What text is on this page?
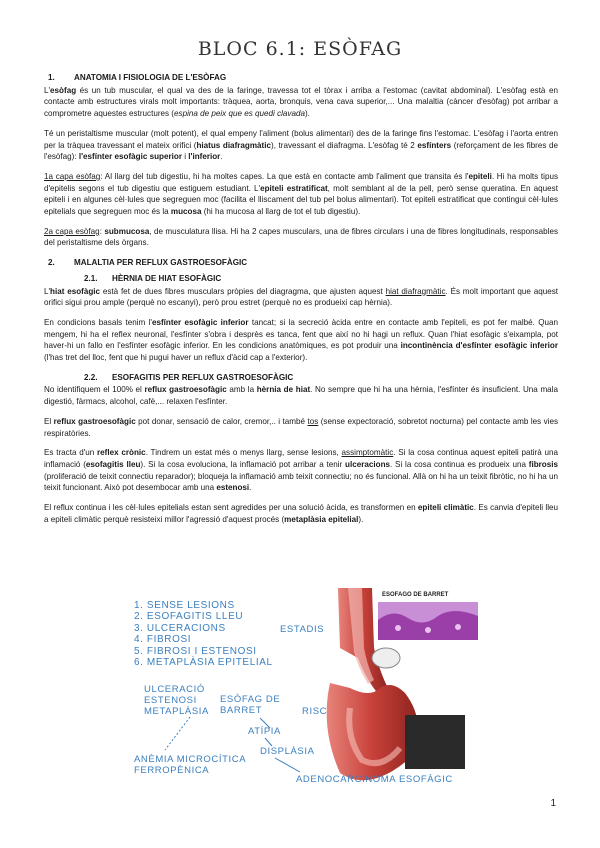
BLOC 6.1: ESÒFAG
1. ANATOMIA I FISIOLOGIA DE L'ESÒFAG

L'esòfag és un tub muscular, el qual va des de la faringe, travessa tot el tòrax i arriba a l'estomac (cavitat abdominal). L'esòfag està en contacte amb estructures virals molt importants: tràquea, aorta, bronquis, vena cava superior,... Una malaltia (càncer d'esòfag) pot arribar a comprometre aquestes estructures (espina de peix que es quedi clavada).

Té un peristaltisme muscular (molt potent), el qual empeny l'aliment (bolus alimentari) des de la faringe fins l'estomac. L'esòfag i l'aorta entren per la tràquea travessant el mateix orifici (hiatus diafragmàtic), travessant el diafragma. L'esòfag té 2 esfínters (reforçament de les fibres de l'esòfag): l'esfínter esofàgic superior i l'inferior.

1a capa esòfag: Al llarg del tub digestiu, hi ha moltes capes. La que està en contacte amb l'aliment que transita és l'epiteli. Hi ha molts tipus d'epitelis segons el tub digestiu que estiguem estudiant. L'epiteli estratificat, molt semblant al de la pell, però sense queratina. En aquest epiteli i en algunes cèl·lules que segreguen moc (facilita el lliscament del tub pel bolus alimentari). Tot epiteli estratificat que contingui cèl·lules epitelials que segreguen moc és la mucosa (hi ha mucosa al llarg de tot el tub digestiu).

2a capa esòfag: submucosa, de musculatura llisa. Hi ha 2 capes musculars, una de fibres circulars i una de fibres longitudinals, responsables del peristaltisme dels òrgans.

2. MALALTIA PER REFLUX GASTROESOFÀGIC
2.1. HÈRNIA DE HIAT ESOFÀGIC

L'hiat esofàgic està fet de dues fibres musculars pròpies del diagragma, que ajusten aquest hiat diafragmàtic. És molt important que aquest orifici sigui prou ample (perquè no escanyi), però prou estret (perquè no es produeixi cap hèrnia).

En condicions basals tenim l'esfínter esofàgic inferior tancat; si la secreció àcida entre en contacte amb l'epiteli, es pot fer malbé. Quan mengem, hi ha el reflex neuronal, l'esfínter s'obra i desprès es tanca, fent que així no hi hagi un reflux. Quan l'hiat esofàgic s'eixampla, pot haver-hi un fallo en l'esfínter esofàgic inferior. En les condicions anatòmiques, es pot produir una incontinència d'esfínter esofàgic inferior (l'has tret del lloc, fent que hi pugui haver un reflux d'àcid cap a l'exterior).

2.2. ESOFAGITIS PER REFLUX GASTROESOFÀGIC

No identifiquem el 100% el reflux gastroesofàgic amb la hèrnia de hiat. No sempre que hi ha una hèrnia, l'esfínter és insuficient. Una mala digestió, fàrmacs, alcohol, cafè,... relaxen l'esfínter.

El reflux gastroesofàgic pot donar, sensació de calor, cremor,.. i també tos (sense expectoració, sobretot nocturna) pel contacte amb les vies respiratòries.

Es tracta d'un reflex crònic. Tindrem un estat més o menys llarg, sense lesions, assimptomàtic. Si la cosa continua aquest epiteli patirà una inflamació (esofagitis lleu). Si la cosa evoluciona, la inflamació pot arribar a tenir ulceracions. Si la cosa continua es produeix una fibrosis (proliferació de teixit connectiu reparador); bloqueja la inflamació amb teixit connectiu; no és funcional. Allà on hi ha un teixit fibròtic, no hi ha un teixit funcionant. Això pot desembocar amb una estenosi.

El reflux continua i les cèl·lules epitelials estan sent agredides per una solució àcida, es transformen en epiteli climàtic. Es canvia d'epiteli lleu a epiteli climàtic perquè resisteixi millor l'agressió d'aquest procés (metaplàsia epitelial).

1. SENSE LESIONS
2. ESOFAGITIS LLEU
3. ULCERACIONS
4. FIBROSI
5. FIBROSI I ESTENOSI
6. METAPLÀSIA EPITELIAL
ESOFAGO DE BARRET
ESTADIS
ULCERACIÓ
ESTENOSI
METAPLÀSIA
ESÒFAG DE
BARRET	RISC
ATÍPIA
DISPLÀSIA
ANÈMIA MICROCÍTICA
FERROPÈNICA
ADENOCARCINOMA ESOFÀGIC
1
